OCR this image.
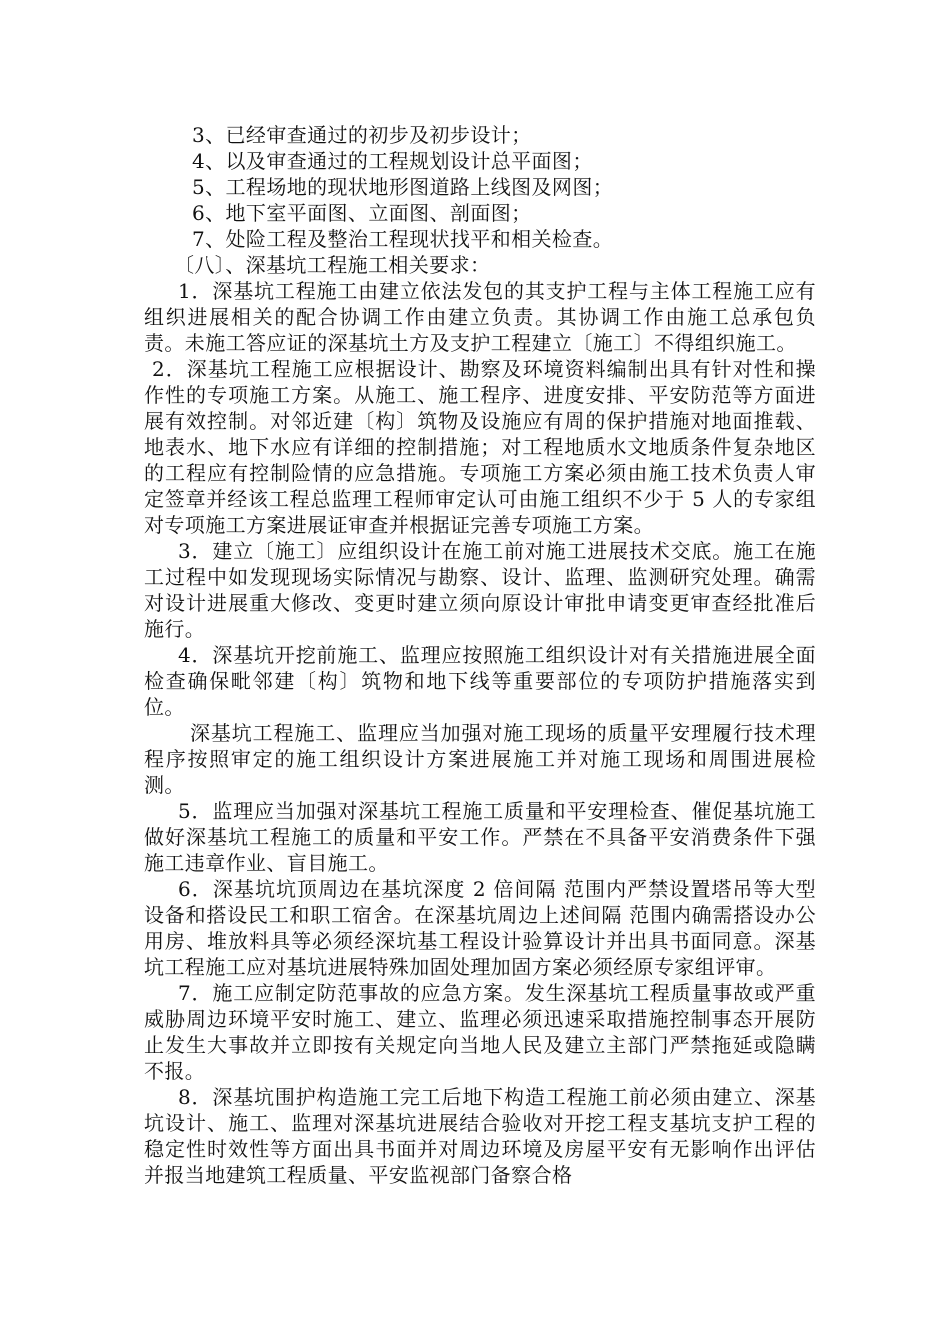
3、已经审查通过的初步及初步设计；

4、以及审查通过的工程规划设计总平面图；

5、工程场地的现状地形图道路上线图及网图；

6、地下室平面图、立面图、剖面图；

7、处险工程及整治工程现状找平和相关检查。

〔八〕、深基坑工程施工相关要求：

1．深基坑工程施工由建立依法发包的其支护工程与主体工程施工应有组织进展相关的配合协调工作由建立负责。其协调工作由施工总承包负责。未施工答应证的深基坑土方及支护工程建立〔施工〕不得组织施工。

2．深基坑工程施工应根据设计、勘察及环境资料编制出具有针对性和操作性的专项施工方案。从施工、施工程序、进度安排、平安防范等方面进展有效控制。对邻近建〔构〕筑物及设施应有周的保护措施对地面推载、地表水、地下水应有详细的控制措施；对工程地质水文地质条件复杂地区的工程应有控制险情的应急措施。专项施工方案必须由施工技术负责人审定签章并经该工程总监理工程师审定认可由施工组织不少于 5 人的专家组对专项施工方案进展证审查并根据证完善专项施工方案。

3．建立〔施工〕应组织设计在施工前对施工进展技术交底。施工在施工过程中如发现现场实际情况与勘察、设计、监理、监测研究处理。确需对设计进展重大修改、变更时建立须向原设计审批申请变更审查经批准后施行。

4．深基坑开挖前施工、监理应按照施工组织设计对有关措施进展全面检查确保毗邻建〔构〕筑物和地下线等重要部位的专项防护措施落实到位。

深基坑工程施工、监理应当加强对施工现场的质量平安理履行技术理程序按照审定的施工组织设计方案进展施工并对施工现场和周围进展检测。

5．监理应当加强对深基坑工程施工质量和平安理检查、催促基坑施工做好深基坑工程施工的质量和平安工作。严禁在不具备平安消费条件下强施工违章作业、盲目施工。

6．深基坑坑顶周边在基坑深度 2 倍间隔 范围内严禁设置塔吊等大型设备和搭设民工和职工宿舍。在深基坑周边上述间隔 范围内确需搭设办公用房、堆放料具等必须经深坑基工程设计验算设计并出具书面同意。深基坑工程施工应对基坑进展特殊加固处理加固方案必须经原专家组评审。

7．施工应制定防范事故的应急方案。发生深基坑工程质量事故或严重威胁周边环境平安时施工、建立、监理必须迅速采取措施控制事态开展防止发生大事故并立即按有关规定向当地人民及建立主部门严禁拖延或隐瞒不报。

8．深基坑围护构造施工完工后地下构造工程施工前必须由建立、深基坑设计、施工、监理对深基坑进展结合验收对开挖工程支基坑支护工程的稳定性时效性等方面出具书面并对周边环境及房屋平安有无影响作出评估并报当地建筑工程质量、平安监视部门备察合格
